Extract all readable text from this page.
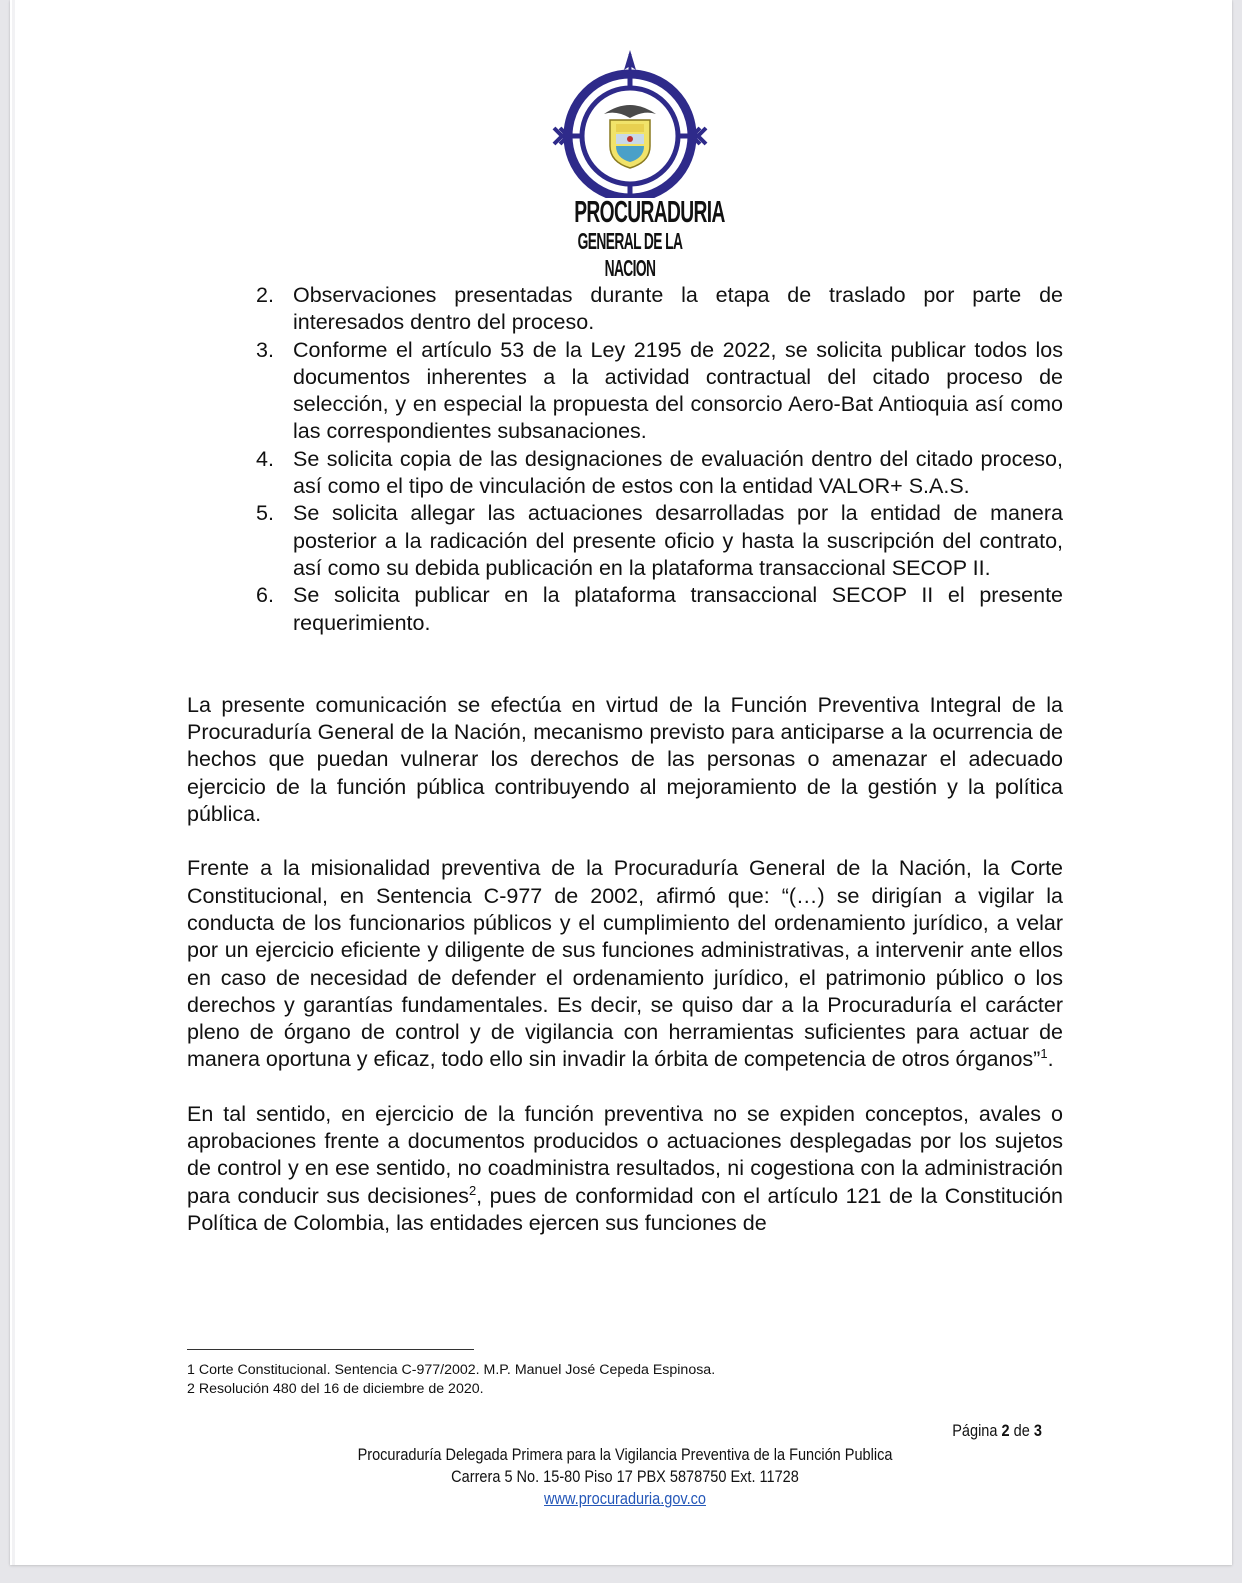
PROCURADURIA
GENERAL DE LA NACION
2. Observaciones presentadas durante la etapa de traslado por parte de interesados dentro del proceso.
3. Conforme el artículo 53 de la Ley 2195 de 2022, se solicita publicar todos los documentos inherentes a la actividad contractual del citado proceso de selección, y en especial la propuesta del consorcio Aero-Bat Antioquia así como las correspondientes subsanaciones.
4. Se solicita copia de las designaciones de evaluación dentro del citado proceso, así como el tipo de vinculación de estos con la entidad VALOR+ S.A.S.
5. Se solicita allegar las actuaciones desarrolladas por la entidad de manera posterior a la radicación del presente oficio y hasta la suscripción del contrato, así como su debida publicación en la plataforma transaccional SECOP II.
6. Se solicita publicar en la plataforma transaccional SECOP II el presente requerimiento.

La presente comunicación se efectúa en virtud de la Función Preventiva Integral de la Procuraduría General de la Nación, mecanismo previsto para anticiparse a la ocurrencia de hechos que puedan vulnerar los derechos de las personas o amenazar el adecuado ejercicio de la función pública contribuyendo al mejoramiento de la gestión y la política pública.

Frente a la misionalidad preventiva de la Procuraduría General de la Nación, la Corte Constitucional, en Sentencia C-977 de 2002, afirmó que: “(…) se dirigían a vigilar la conducta de los funcionarios públicos y el cumplimiento del ordenamiento jurídico, a velar por un ejercicio eficiente y diligente de sus funciones administrativas, a intervenir ante ellos en caso de necesidad de defender el ordenamiento jurídico, el patrimonio público o los derechos y garantías fundamentales. Es decir, se quiso dar a la Procuraduría el carácter pleno de órgano de control y de vigilancia con herramientas suficientes para actuar de manera oportuna y eficaz, todo ello sin invadir la órbita de competencia de otros órganos”$^1$.

En tal sentido, en ejercicio de la función preventiva no se expiden conceptos, avales o aprobaciones frente a documentos producidos o actuaciones desplegadas por los sujetos de control y en ese sentido, no coadministra resultados, ni cogestiona con la administración para conducir sus decisiones$^2$, pues de conformidad con el artículo 121 de la Constitución Política de Colombia, las entidades ejercen sus funciones de

1 Corte Constitucional. Sentencia C-977/2002. M.P. Manuel José Cepeda Espinosa.
2 Resolución 480 del 16 de diciembre de 2020.
Página 2 de 3
Procuraduría Delegada Primera para la Vigilancia Preventiva de la Función Publica
Carrera 5 No. 15-80 Piso 17 PBX 5878750 Ext. 11728
www.procuraduria.gov.co
